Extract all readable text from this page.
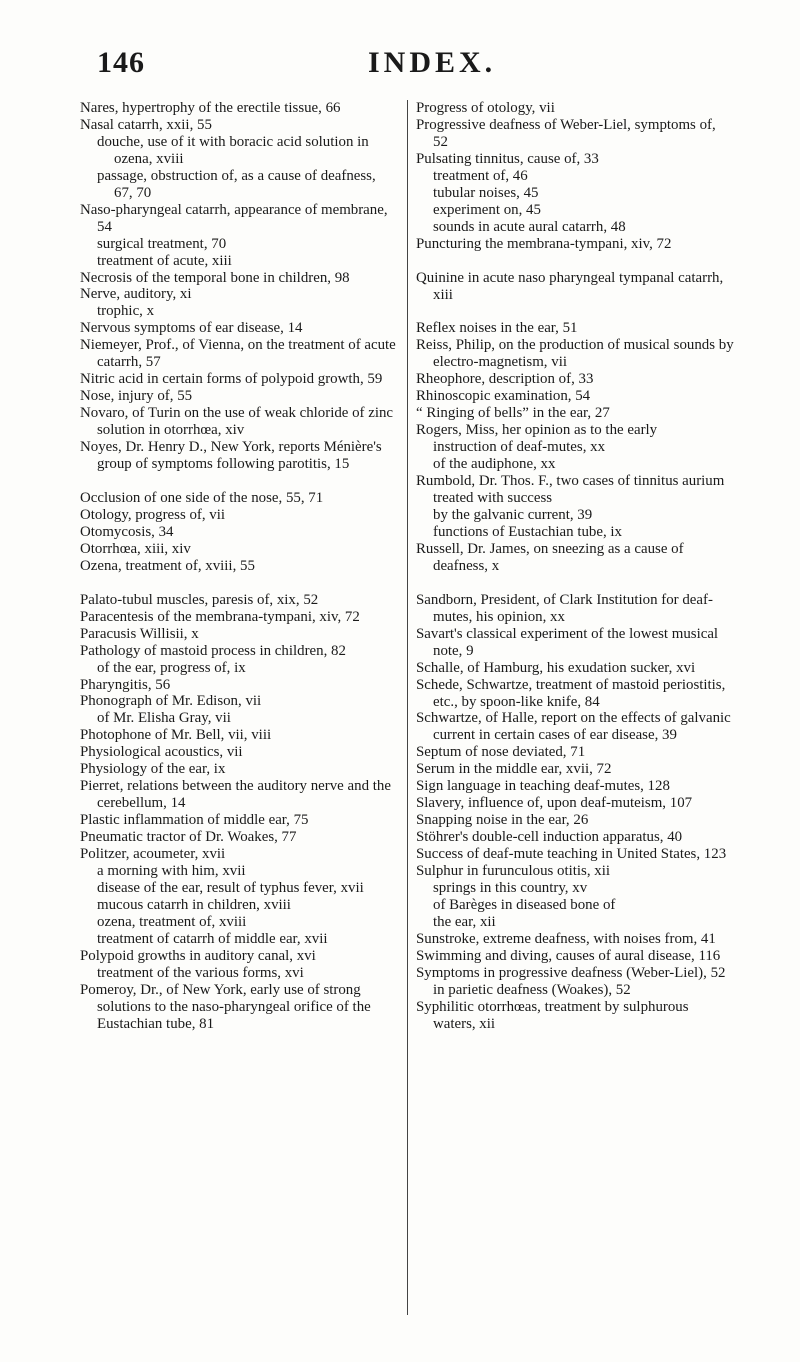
146	INDEX.
Nares, hypertrophy of the erectile tissue, 66
Nasal catarrh, xxii, 55
douche, use of it with boracic acid solution in ozena, xviii
passage, obstruction of, as a cause of deafness, 67, 70
Naso-pharyngeal catarrh, appearance of membrane, 54
surgical treatment, 70
treatment of acute, xiii
Necrosis of the temporal bone in children, 98
Nerve, auditory, xi
trophic, x
Nervous symptoms of ear disease, 14
Niemeyer, Prof., of Vienna, on the treatment of acute catarrh, 57
Nitric acid in certain forms of polypoid growth, 59
Nose, injury of, 55
Novaro, of Turin on the use of weak chloride of zinc solution in otorrhœa, xiv
Noyes, Dr. Henry D., New York, reports Ménière's group of symptoms following parotitis, 15
Occlusion of one side of the nose, 55, 71
Otology, progress of, vii
Otomycosis, 34
Otorrhœa, xiii, xiv
Ozena, treatment of, xviii, 55
Palato-tubul muscles, paresis of, xix, 52
Paracentesis of the membrana-tympani, xiv, 72
Paracusis Willisii, x
Pathology of mastoid process in children, 82
of the ear, progress of, ix
Pharyngitis, 56
Phonograph of Mr. Edison, vii
of Mr. Elisha Gray, vii
Photophone of Mr. Bell, vii, viii
Physiological acoustics, vii
Physiology of the ear, ix
Pierret, relations between the auditory nerve and the cerebellum, 14
Plastic inflammation of middle ear, 75
Pneumatic tractor of Dr. Woakes, 77
Politzer, acoumeter, xvii
a morning with him, xvii
disease of the ear, result of typhus fever, xvii
mucous catarrh in children, xviii
ozena, treatment of, xviii
treatment of catarrh of middle ear, xvii
Polypoid growths in auditory canal, xvi
treatment of the various forms, xvi
Pomeroy, Dr., of New York, early use of strong solutions to the naso-pharyngeal orifice of the Eustachian tube, 81
Progress of otology, vii
Progressive deafness of Weber-Liel, symptoms of, 52
Pulsating tinnitus, cause of, 33
treatment of, 46
tubular noises, 45
experiment on, 45
sounds in acute aural catarrh, 48
Puncturing the membrana-tympani, xiv, 72
Quinine in acute naso pharyngeal tympanal catarrh, xiii
Reflex noises in the ear, 51
Reiss, Philip, on the production of musical sounds by electro-magnetism, vii
Rheophore, description of, 33
Rhinoscopic examination, 54
“ Ringing of bells” in the ear, 27
Rogers, Miss, her opinion as to the early
instruction of deaf-mutes, xx
of the audiphone, xx
Rumbold, Dr. Thos. F., two cases of tinnitus aurium treated with success
by the galvanic current, 39
functions of Eustachian tube, ix
Russell, Dr. James, on sneezing as a cause of deafness, x
Sandborn, President, of Clark Institution for deaf-mutes, his opinion, xx
Savart's classical experiment of the lowest musical note, 9
Schalle, of Hamburg, his exudation sucker, xvi
Schede, Schwartze, treatment of mastoid periostitis, etc., by spoon-like knife, 84
Schwartze, of Halle, report on the effects of galvanic current in certain cases of ear disease, 39
Septum of nose deviated, 71
Serum in the middle ear, xvii, 72
Sign language in teaching deaf-mutes, 128
Slavery, influence of, upon deaf-muteism, 107
Snapping noise in the ear, 26
Stöhrer's double-cell induction apparatus, 40
Success of deaf-mute teaching in United States, 123
Sulphur in furunculous otitis, xii
springs in this country, xv
of Barèges in diseased bone of
the ear, xii
Sunstroke, extreme deafness, with noises from, 41
Swimming and diving, causes of aural disease, 116
Symptoms in progressive deafness (Weber-Liel), 52
in parietic deafness (Woakes), 52
Syphilitic otorrhœas, treatment by sulphurous waters, xii
